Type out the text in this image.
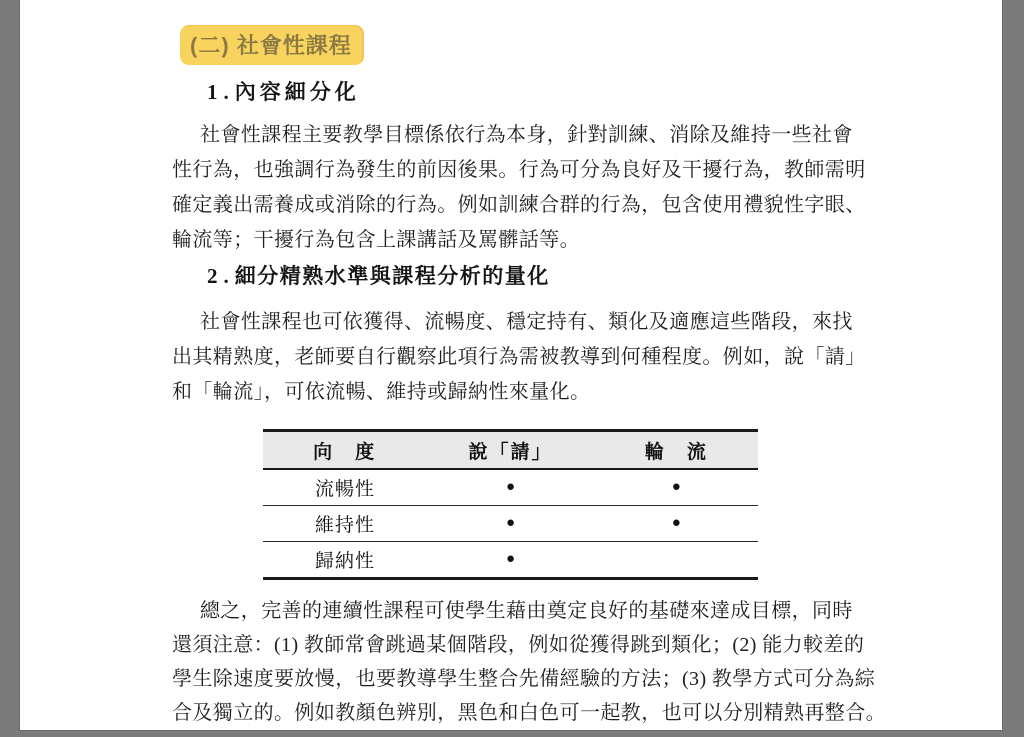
(二) 社會性課程
1.內容細分化
社會性課程主要教學目標係依行為本身，針對訓練、消除及維持一些社會
性行為，也強調行為發生的前因後果。行為可分為良好及干擾行為，教師需明
確定義出需養成或消除的行為。例如訓練合群的行為，包含使用禮貌性字眼、
輪流等；干擾行為包含上課講話及罵髒話等。
2.細分精熟水準與課程分析的量化
社會性課程也可依獲得、流暢度、穩定持有、類化及適應這些階段，來找
出其精熟度，老師要自行觀察此項行為需被教導到何種程度。例如，說「請」
和「輪流」，可依流暢、維持或歸納性來量化。
向　度	說「請」	輪　流
流暢性	●	●
維持性	●	●
歸納性	●	
總之，完善的連續性課程可使學生藉由奠定良好的基礎來達成目標，同時
還須注意：(1) 教師常會跳過某個階段，例如從獲得跳到類化；(2) 能力較差的
學生除速度要放慢，也要教導學生整合先備經驗的方法；(3) 教學方式可分為綜
合及獨立的。例如教顏色辨別，黑色和白色可一起教，也可以分別精熟再整合。
